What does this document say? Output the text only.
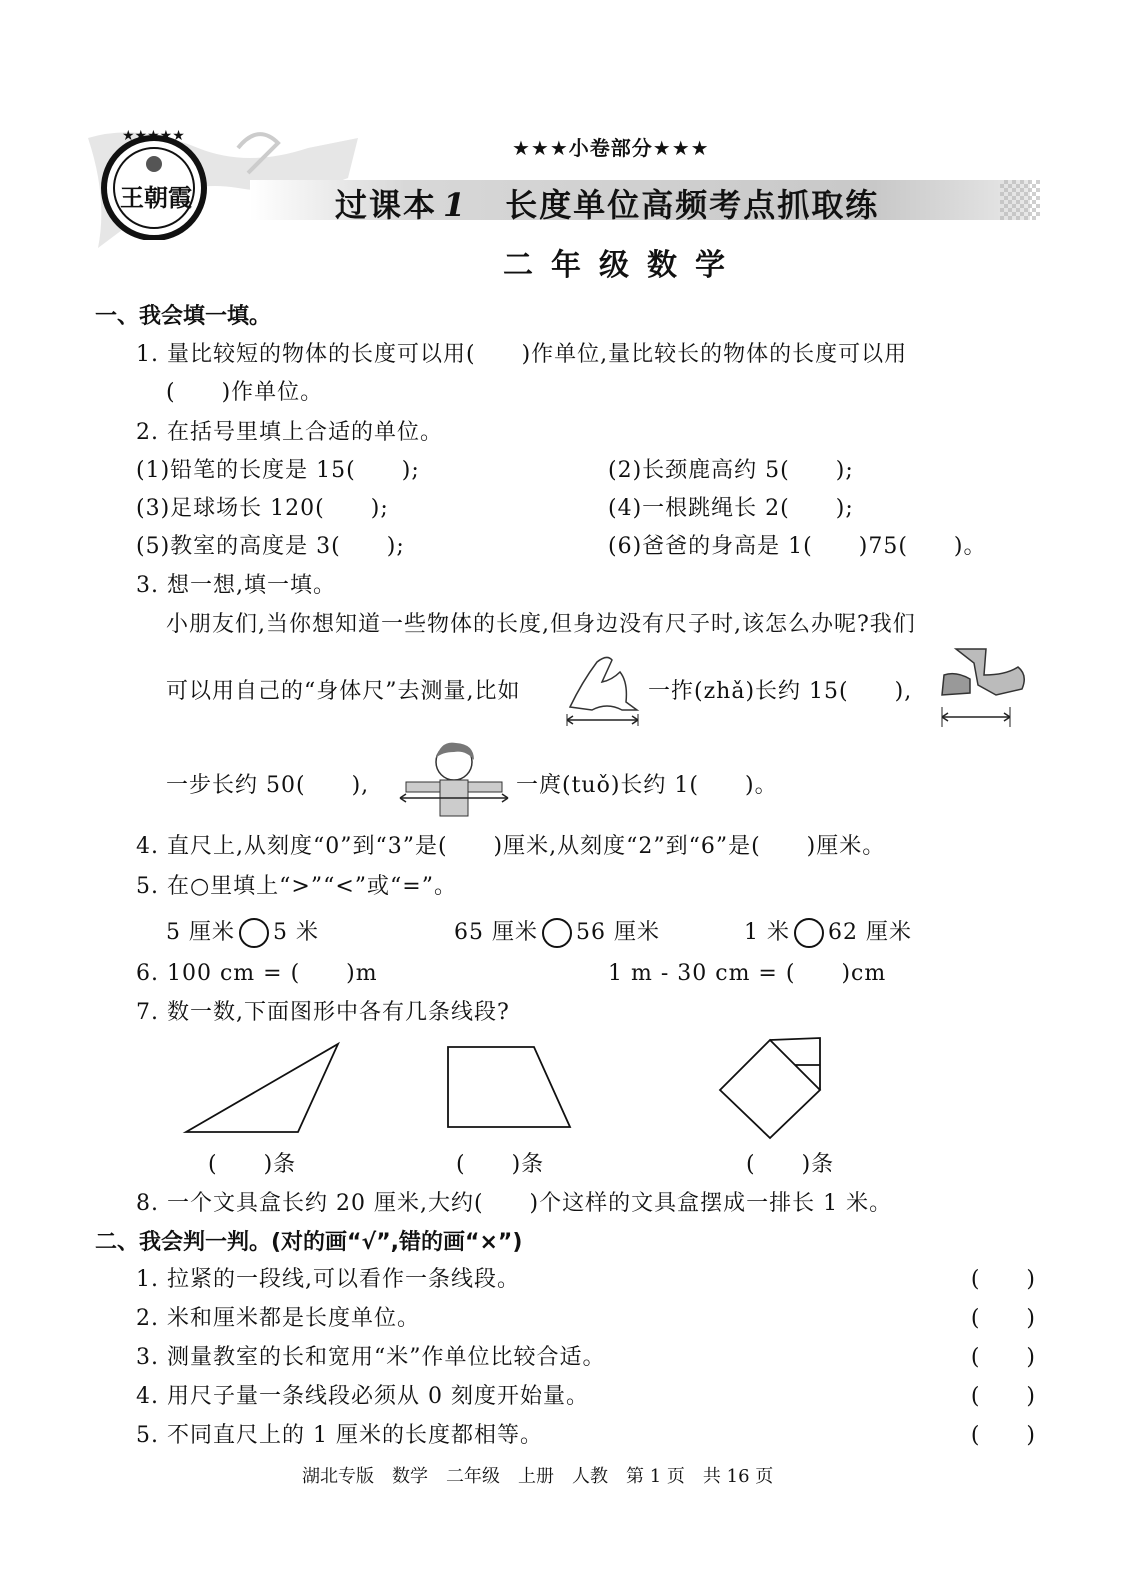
★★★★★
王朝霞
★★★小卷部分★★★
过课本 1 长度单位高频考点抓取练
二年级数学
一、我会填一填。
1. 量比较短的物体的长度可以用(　　)作单位,量比较长的物体的长度可以用
(　　)作单位。
2. 在括号里填上合适的单位。
(1)铅笔的长度是 15(　　);	(2)长颈鹿高约 5(　　);
(3)足球场长 120(　　);	(4)一根跳绳长 2(　　);
(5)教室的高度是 3(　　);	(6)爸爸的身高是 1(　　)75(　　)。
3. 想一想,填一填。
小朋友们,当你想知道一些物体的长度,但身边没有尺子时,该怎么办呢?我们
可以用自己的“身体尺”去测量,比如	一拃(zhǎ)长约 15(　　),
一步长约 50(　　),	一庹(tuǒ)长约 1(　　)。
4. 直尺上,从刻度“0”到“3”是(　　)厘米,从刻度“2”到“6”是(　　)厘米。
5. 在○里填上“>”“<”或“=”。
5 厘米 5 米	65 厘米 56 厘米	1 米 62 厘米
6. 100 cm = (　　)m	1 m - 30 cm = (　　)cm
7. 数一数,下面图形中各有几条线段?
(　　)条	(　　)条	(　　)条
8. 一个文具盒长约 20 厘米,大约(　　)个这样的文具盒摆成一排长 1 米。
二、我会判一判。(对的画“√”,错的画“×”)
1. 拉紧的一段线,可以看作一条线段。	(　　)
2. 米和厘米都是长度单位。	(　　)
3. 测量教室的长和宽用“米”作单位比较合适。	(　　)
4. 用尺子量一条线段必须从 0 刻度开始量。	(　　)
5. 不同直尺上的 1 厘米的长度都相等。	(　　)
湖北专版　数学　二年级　上册　人教　第 1 页　共 16 页
